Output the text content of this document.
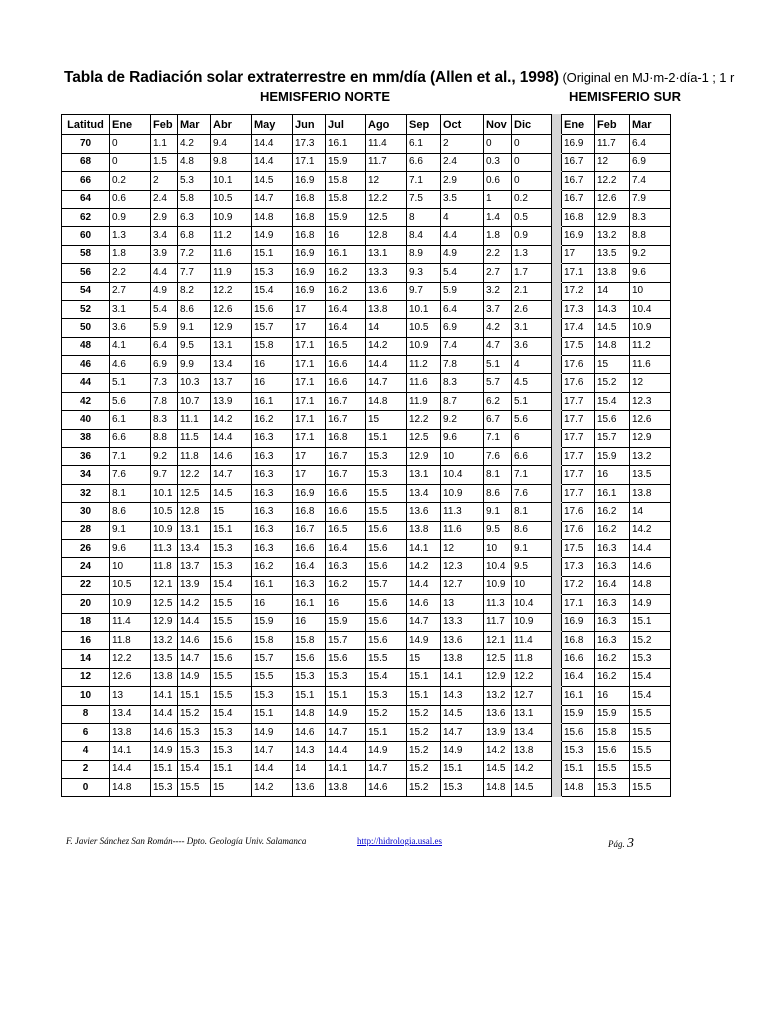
Tabla de Radiación solar extraterrestre en mm/día (Allen et al., 1998) (Original en MJ·m-2·día-1 ; 1 r
HEMISFERIO NORTE	HEMISFERIO SUR
Latitud	Ene	Feb	Mar	Abr	May	Jun	Jul	Ago	Sep	Oct	Nov	Dic		Ene	Feb	Mar
70	0	1.1	4.2	9.4	14.4	17.3	16.1	11.4	6.1	2	0	0		16.9	11.7	6.4
68	0	1.5	4.8	9.8	14.4	17.1	15.9	11.7	6.6	2.4	0.3	0		16.7	12	6.9
66	0.2	2	5.3	10.1	14.5	16.9	15.8	12	7.1	2.9	0.6	0		16.7	12.2	7.4
64	0.6	2.4	5.8	10.5	14.7	16.8	15.8	12.2	7.5	3.5	1	0.2		16.7	12.6	7.9
62	0.9	2.9	6.3	10.9	14.8	16.8	15.9	12.5	8	4	1.4	0.5		16.8	12.9	8.3
60	1.3	3.4	6.8	11.2	14.9	16.8	16	12.8	8.4	4.4	1.8	0.9		16.9	13.2	8.8
58	1.8	3.9	7.2	11.6	15.1	16.9	16.1	13.1	8.9	4.9	2.2	1.3		17	13.5	9.2
56	2.2	4.4	7.7	11.9	15.3	16.9	16.2	13.3	9.3	5.4	2.7	1.7		17.1	13.8	9.6
54	2.7	4.9	8.2	12.2	15.4	16.9	16.2	13.6	9.7	5.9	3.2	2.1		17.2	14	10
52	3.1	5.4	8.6	12.6	15.6	17	16.4	13.8	10.1	6.4	3.7	2.6		17.3	14.3	10.4
50	3.6	5.9	9.1	12.9	15.7	17	16.4	14	10.5	6.9	4.2	3.1		17.4	14.5	10.9
48	4.1	6.4	9.5	13.1	15.8	17.1	16.5	14.2	10.9	7.4	4.7	3.6		17.5	14.8	11.2
46	4.6	6.9	9.9	13.4	16	17.1	16.6	14.4	11.2	7.8	5.1	4		17.6	15	11.6
44	5.1	7.3	10.3	13.7	16	17.1	16.6	14.7	11.6	8.3	5.7	4.5		17.6	15.2	12
42	5.6	7.8	10.7	13.9	16.1	17.1	16.7	14.8	11.9	8.7	6.2	5.1		17.7	15.4	12.3
40	6.1	8.3	11.1	14.2	16.2	17.1	16.7	15	12.2	9.2	6.7	5.6		17.7	15.6	12.6
38	6.6	8.8	11.5	14.4	16.3	17.1	16.8	15.1	12.5	9.6	7.1	6		17.7	15.7	12.9
36	7.1	9.2	11.8	14.6	16.3	17	16.7	15.3	12.9	10	7.6	6.6		17.7	15.9	13.2
34	7.6	9.7	12.2	14.7	16.3	17	16.7	15.3	13.1	10.4	8.1	7.1		17.7	16	13.5
32	8.1	10.1	12.5	14.5	16.3	16.9	16.6	15.5	13.4	10.9	8.6	7.6		17.7	16.1	13.8
30	8.6	10.5	12.8	15	16.3	16.8	16.6	15.5	13.6	11.3	9.1	8.1		17.6	16.2	14
28	9.1	10.9	13.1	15.1	16.3	16.7	16.5	15.6	13.8	11.6	9.5	8.6		17.6	16.2	14.2
26	9.6	11.3	13.4	15.3	16.3	16.6	16.4	15.6	14.1	12	10	9.1		17.5	16.3	14.4
24	10	11.8	13.7	15.3	16.2	16.4	16.3	15.6	14.2	12.3	10.4	9.5		17.3	16.3	14.6
22	10.5	12.1	13.9	15.4	16.1	16.3	16.2	15.7	14.4	12.7	10.9	10		17.2	16.4	14.8
20	10.9	12.5	14.2	15.5	16	16.1	16	15.6	14.6	13	11.3	10.4		17.1	16.3	14.9
18	11.4	12.9	14.4	15.5	15.9	16	15.9	15.6	14.7	13.3	11.7	10.9		16.9	16.3	15.1
16	11.8	13.2	14.6	15.6	15.8	15.8	15.7	15.6	14.9	13.6	12.1	11.4		16.8	16.3	15.2
14	12.2	13.5	14.7	15.6	15.7	15.6	15.6	15.5	15	13.8	12.5	11.8		16.6	16.2	15.3
12	12.6	13.8	14.9	15.5	15.5	15.3	15.3	15.4	15.1	14.1	12.9	12.2		16.4	16.2	15.4
10	13	14.1	15.1	15.5	15.3	15.1	15.1	15.3	15.1	14.3	13.2	12.7		16.1	16	15.4
8	13.4	14.4	15.2	15.4	15.1	14.8	14.9	15.2	15.2	14.5	13.6	13.1		15.9	15.9	15.5
6	13.8	14.6	15.3	15.3	14.9	14.6	14.7	15.1	15.2	14.7	13.9	13.4		15.6	15.8	15.5
4	14.1	14.9	15.3	15.3	14.7	14.3	14.4	14.9	15.2	14.9	14.2	13.8		15.3	15.6	15.5
2	14.4	15.1	15.4	15.1	14.4	14	14.1	14.7	15.2	15.1	14.5	14.2		15.1	15.5	15.5
0	14.8	15.3	15.5	15	14.2	13.6	13.8	14.6	15.2	15.3	14.8	14.5		14.8	15.3	15.5
F. Javier Sánchez San Román---- Dpto. Geología Univ. Salamanca	http://hidrologia.usal.es	Pág. 3
